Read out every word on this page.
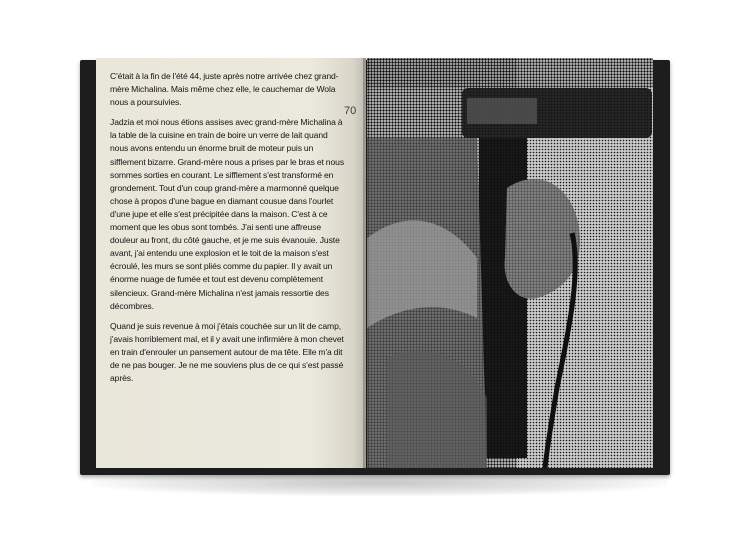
C'était à la fin de l'été 44, juste après notre arrivée chez grand-mère Michalina. Mais même chez elle, le cauchemar de Wola nous a poursuivies.

Jadzia et moi nous étions assises avec grand-mère Michalina à la table de la cuisine en train de boire un verre de lait quand nous avons entendu un énorme bruit de moteur puis un sifflement bizarre. Grand-mère nous a prises par le bras et nous sommes sorties en courant. Le sifflement s'est transformé en grondement. Tout d'un coup grand-mère a marmonné quelque chose à propos d'une bague en diamant cousue dans l'ourlet d'une jupe et elle s'est précipitée dans la maison. C'est à ce moment que les obus sont tombés. J'ai senti une affreuse douleur au front, du côté gauche, et je me suis évanouie. Juste avant, j'ai entendu une explosion et le toit de la maison s'est écroulé, les murs se sont pliés comme du papier. Il y avait un énorme nuage de fumée et tout est devenu complètement silencieux. Grand-mère Michalina n'est jamais ressortie des décombres.

Quand je suis revenue à moi j'étais couchée sur un lit de camp, j'avais horriblement mal, et il y avait une infirmière à mon chevet en train d'enrouler un pansement autour de ma tête. Elle m'a dit de ne pas bouger. Je ne me souviens plus de ce qui s'est passé après.

70
